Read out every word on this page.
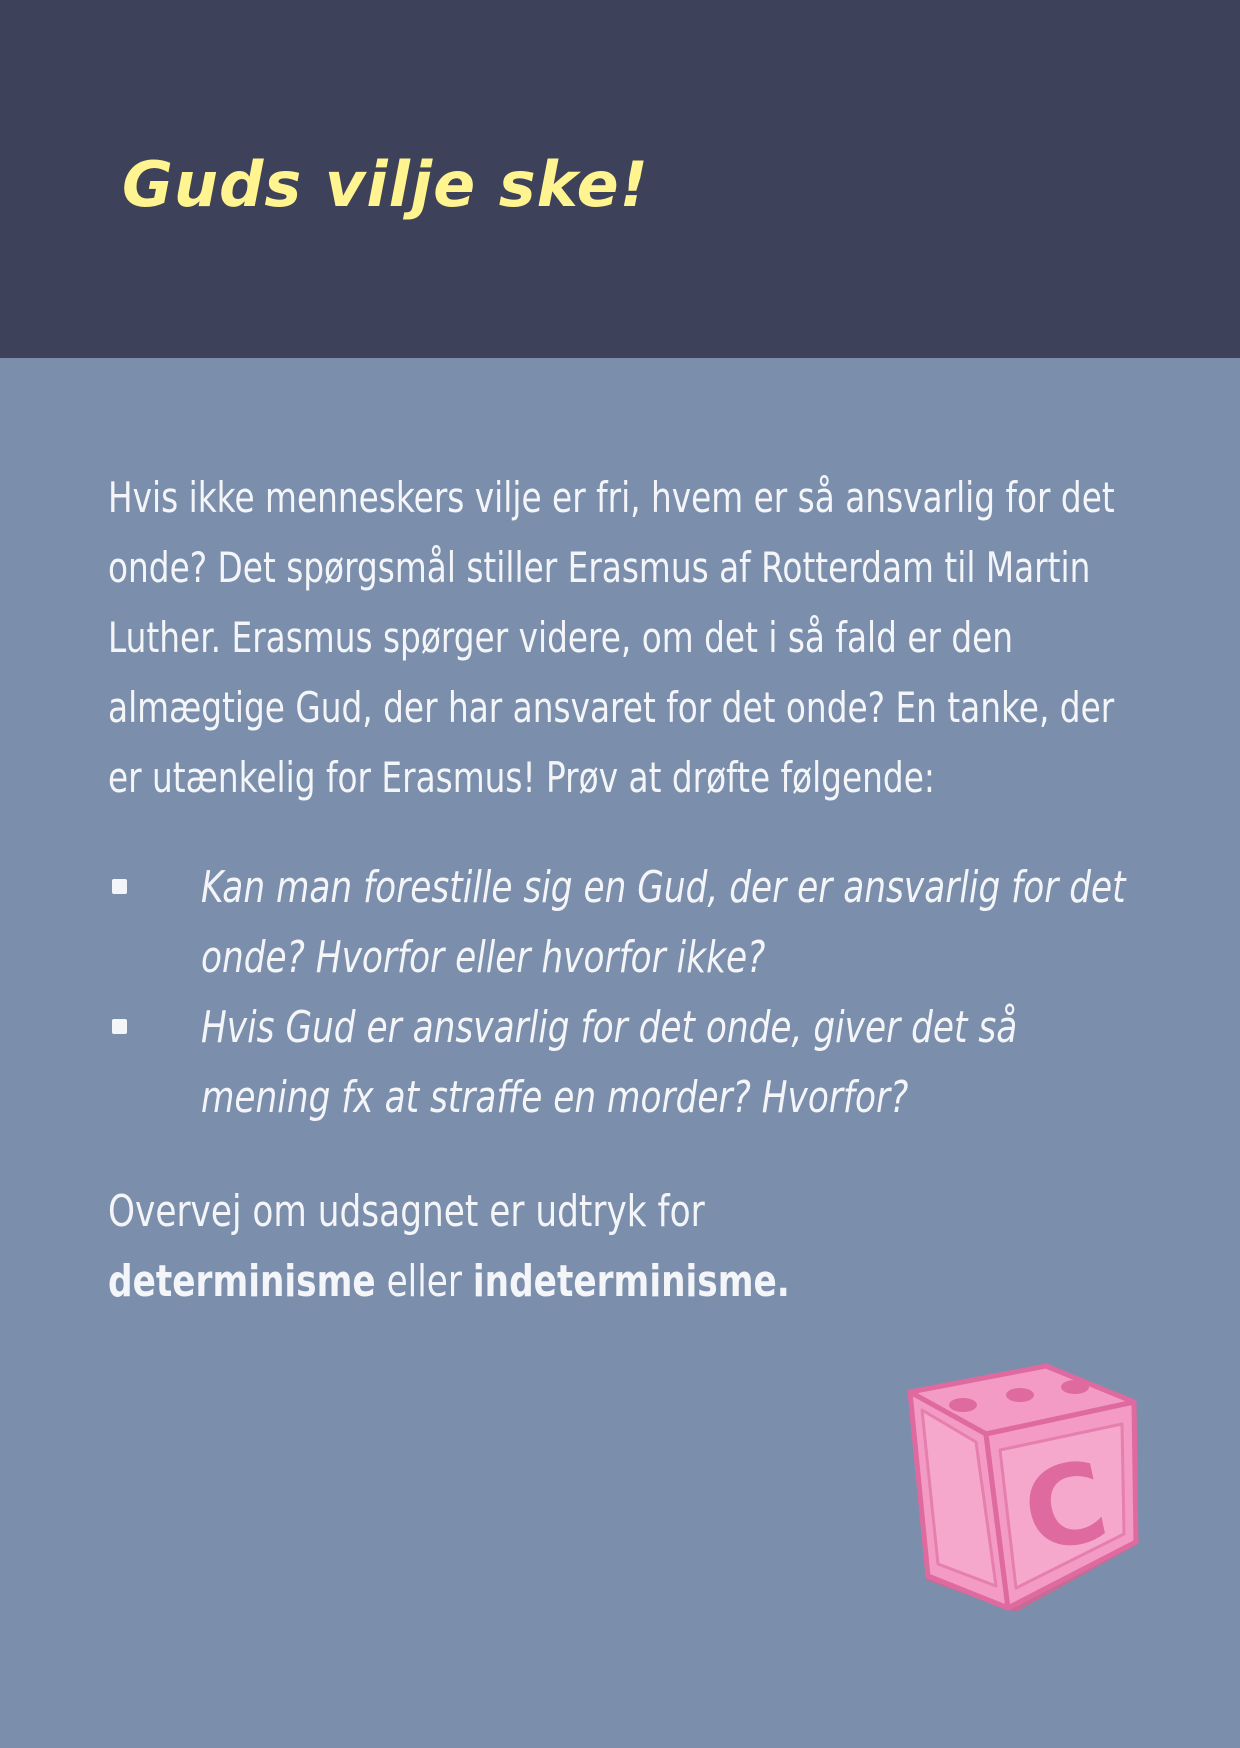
Guds vilje ske!

Hvis ikke menneskers vilje er fri, hvem er så ansvarlig for det onde? Det spørgsmål stiller Erasmus af Rotterdam til Martin Luther. Erasmus spørger videre, om det i så fald er den almægtige Gud, der har ansvaret for det onde? En tanke, der er utænkelig for Erasmus! Prøv at drøfte følgende:

Kan man forestille sig en Gud, der er ansvarlig for det onde? Hvorfor eller hvorfor ikke?
Hvis Gud er ansvarlig for det onde, giver det så mening fx at straffe en morder? Hvorfor?

Overvej om udsagnet er udtryk for
determinisme eller indeterminisme.

C
